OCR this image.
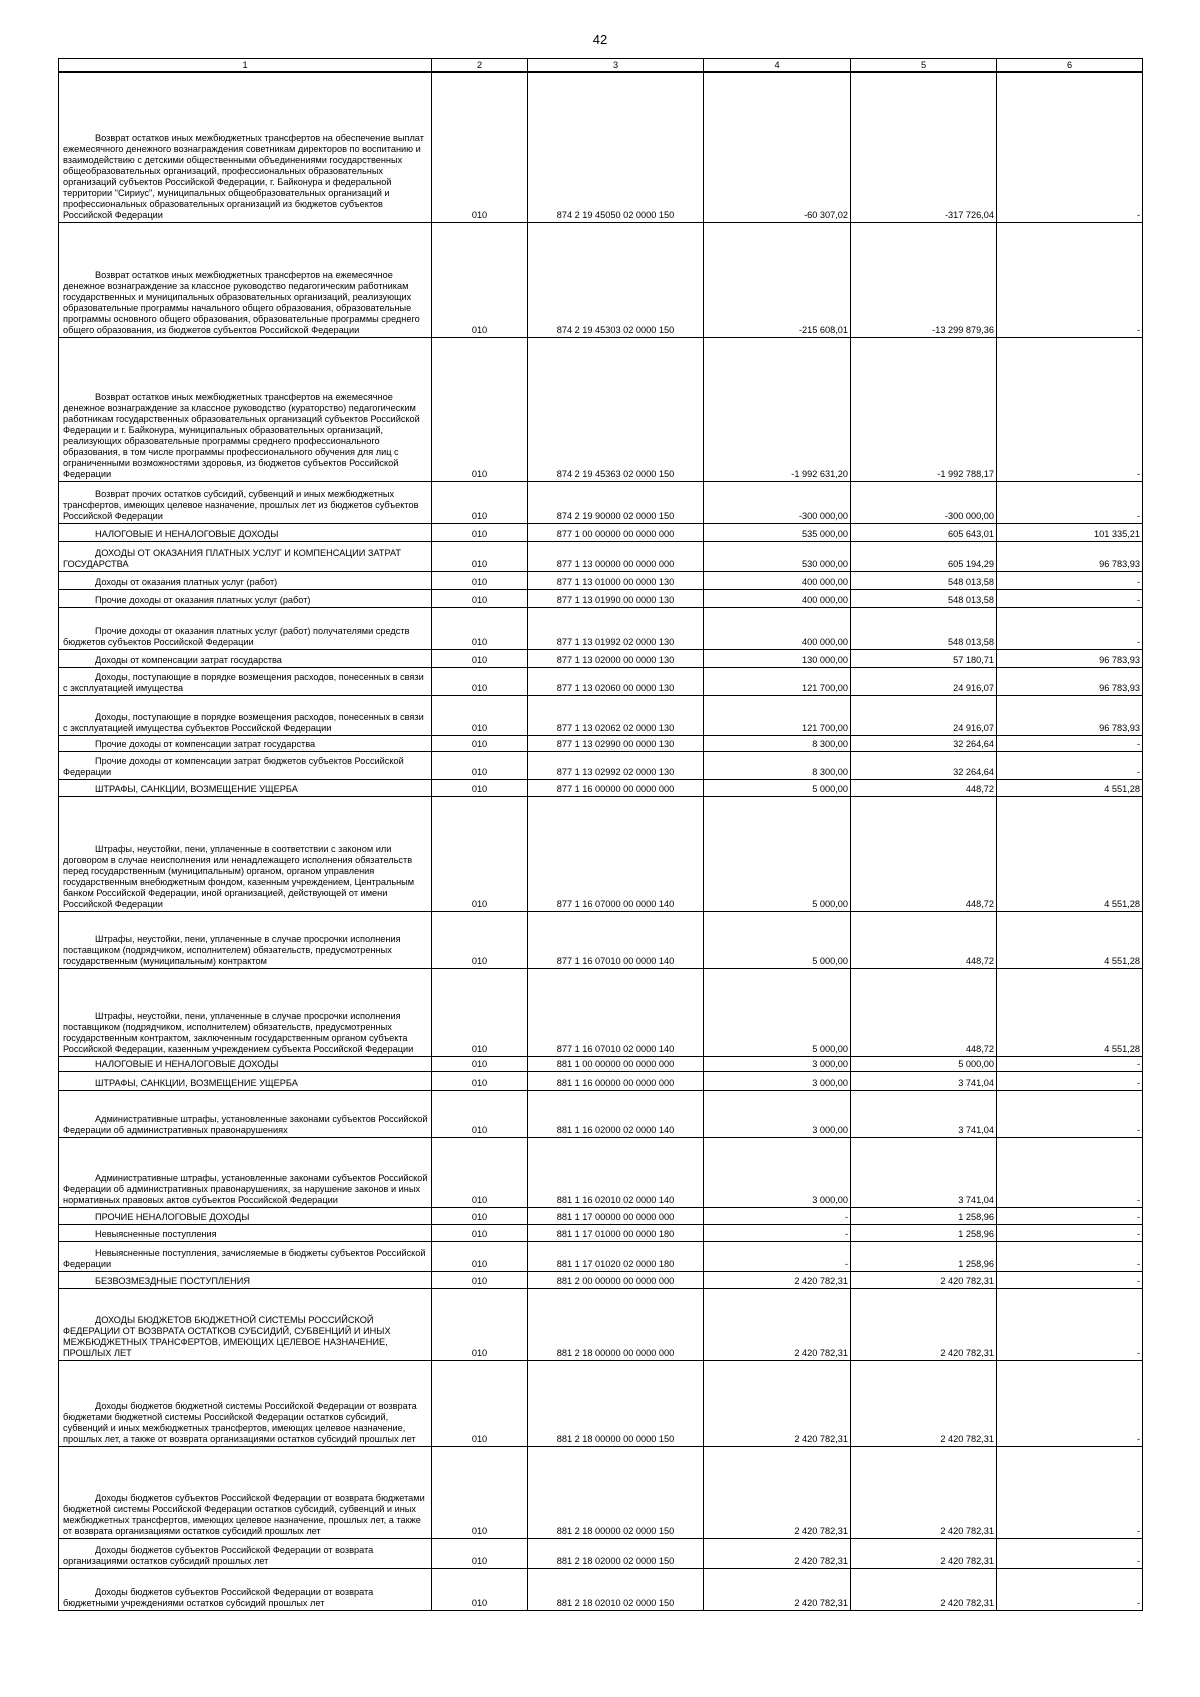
42
1	2	3	4	5	6
Возврат остатков иных межбюджетных трансфертов на обеспечение выплат ежемесячного денежного вознаграждения советникам директоров по воспитанию и взаимодействию с детскими общественными объединениями государственных общеобразовательных организаций, профессиональных образовательных организаций субъектов Российской Федерации, г. Байконура и федеральной территории "Сириус", муниципальных общеобразовательных организаций и профессиональных образовательных организаций из бюджетов субъектов Российской Федерации	010	874 2 19 45050 02 0000 150	-60 307,02	-317 726,04	-
Возврат остатков иных межбюджетных трансфертов на ежемесячное денежное вознаграждение за классное руководство педагогическим работникам государственных и муниципальных образовательных организаций, реализующих образовательные программы начального общего образования, образовательные программы основного общего образования, образовательные программы среднего общего образования, из бюджетов субъектов Российской Федерации	010	874 2 19 45303 02 0000 150	-215 608,01	-13 299 879,36	-
Возврат остатков иных межбюджетных трансфертов на ежемесячное денежное вознаграждение за классное руководство (кураторство) педагогическим работникам государственных образовательных организаций субъектов Российской Федерации и г. Байконура, муниципальных образовательных организаций, реализующих образовательные программы среднего профессионального образования, в том числе программы профессионального обучения для лиц с ограниченными возможностями здоровья, из бюджетов субъектов Российской Федерации	010	874 2 19 45363 02 0000 150	-1 992 631,20	-1 992 788,17	-
Возврат прочих остатков субсидий, субвенций и иных межбюджетных трансфертов, имеющих целевое назначение, прошлых лет из бюджетов субъектов Российской Федерации	010	874 2 19 90000 02 0000 150	-300 000,00	-300 000,00	-
НАЛОГОВЫЕ И НЕНАЛОГОВЫЕ ДОХОДЫ	010	877 1 00 00000 00 0000 000	535 000,00	605 643,01	101 335,21
ДОХОДЫ ОТ ОКАЗАНИЯ ПЛАТНЫХ УСЛУГ И КОМПЕНСАЦИИ ЗАТРАТ ГОСУДАРСТВА	010	877 1 13 00000 00 0000 000	530 000,00	605 194,29	96 783,93
Доходы от оказания платных услуг (работ)	010	877 1 13 01000 00 0000 130	400 000,00	548 013,58	-
Прочие доходы от оказания платных услуг (работ)	010	877 1 13 01990 00 0000 130	400 000,00	548 013,58	-
Прочие доходы от оказания платных услуг (работ) получателями средств бюджетов субъектов Российской Федерации	010	877 1 13 01992 02 0000 130	400 000,00	548 013,58	-
Доходы от компенсации затрат государства	010	877 1 13 02000 00 0000 130	130 000,00	57 180,71	96 783,93
Доходы, поступающие в порядке возмещения расходов, понесенных в связи с эксплуатацией имущества	010	877 1 13 02060 00 0000 130	121 700,00	24 916,07	96 783,93
Доходы, поступающие в порядке возмещения расходов, понесенных в связи с эксплуатацией имущества субъектов Российской Федерации	010	877 1 13 02062 02 0000 130	121 700,00	24 916,07	96 783,93
Прочие доходы от компенсации затрат государства	010	877 1 13 02990 00 0000 130	8 300,00	32 264,64	-
Прочие доходы от компенсации затрат бюджетов субъектов Российской Федерации	010	877 1 13 02992 02 0000 130	8 300,00	32 264,64	-
ШТРАФЫ, САНКЦИИ, ВОЗМЕЩЕНИЕ УЩЕРБА	010	877 1 16 00000 00 0000 000	5 000,00	448,72	4 551,28
Штрафы, неустойки, пени, уплаченные в соответствии с законом или договором в случае неисполнения или ненадлежащего исполнения обязательств перед государственным (муниципальным) органом, органом управления государственным внебюджетным фондом, казенным учреждением, Центральным банком Российской Федерации, иной организацией, действующей от имени Российской Федерации	010	877 1 16 07000 00 0000 140	5 000,00	448,72	4 551,28
Штрафы, неустойки, пени, уплаченные в случае просрочки исполнения поставщиком (подрядчиком, исполнителем) обязательств, предусмотренных государственным (муниципальным) контрактом	010	877 1 16 07010 00 0000 140	5 000,00	448,72	4 551,28
Штрафы, неустойки, пени, уплаченные в случае просрочки исполнения поставщиком (подрядчиком, исполнителем) обязательств, предусмотренных государственным контрактом, заключенным государственным органом субъекта Российской Федерации, казенным учреждением субъекта Российской Федерации	010	877 1 16 07010 02 0000 140	5 000,00	448,72	4 551,28
НАЛОГОВЫЕ И НЕНАЛОГОВЫЕ ДОХОДЫ	010	881 1 00 00000 00 0000 000	3 000,00	5 000,00	-
ШТРАФЫ, САНКЦИИ, ВОЗМЕЩЕНИЕ УЩЕРБА	010	881 1 16 00000 00 0000 000	3 000,00	3 741,04	-
Административные штрафы, установленные законами субъектов Российской Федерации об административных правонарушениях	010	881 1 16 02000 02 0000 140	3 000,00	3 741,04	-
Административные штрафы, установленные законами субъектов Российской Федерации об административных правонарушениях, за нарушение законов и иных нормативных правовых актов субъектов Российской Федерации	010	881 1 16 02010 02 0000 140	3 000,00	3 741,04	-
ПРОЧИЕ НЕНАЛОГОВЫЕ ДОХОДЫ	010	881 1 17 00000 00 0000 000	-	1 258,96	-
Невыясненные поступления	010	881 1 17 01000 00 0000 180	-	1 258,96	-
Невыясненные поступления, зачисляемые в бюджеты субъектов Российской Федерации	010	881 1 17 01020 02 0000 180	-	1 258,96	-
БЕЗВОЗМЕЗДНЫЕ ПОСТУПЛЕНИЯ	010	881 2 00 00000 00 0000 000	2 420 782,31	2 420 782,31	-
ДОХОДЫ БЮДЖЕТОВ БЮДЖЕТНОЙ СИСТЕМЫ РОССИЙСКОЙ ФЕДЕРАЦИИ ОТ ВОЗВРАТА ОСТАТКОВ СУБСИДИЙ, СУБВЕНЦИЙ И ИНЫХ МЕЖБЮДЖЕТНЫХ ТРАНСФЕРТОВ, ИМЕЮЩИХ ЦЕЛЕВОЕ НАЗНАЧЕНИЕ, ПРОШЛЫХ ЛЕТ	010	881 2 18 00000 00 0000 000	2 420 782,31	2 420 782,31	-
Доходы бюджетов бюджетной системы Российской Федерации от возврата бюджетами бюджетной системы Российской Федерации остатков субсидий, субвенций и иных межбюджетных трансфертов, имеющих целевое назначение, прошлых лет, а также от возврата организациями остатков субсидий прошлых лет	010	881 2 18 00000 00 0000 150	2 420 782,31	2 420 782,31	-
Доходы бюджетов субъектов Российской Федерации от возврата бюджетами бюджетной системы Российской Федерации остатков субсидий, субвенций и иных межбюджетных трансфертов, имеющих целевое назначение, прошлых лет, а также от возврата организациями остатков субсидий прошлых лет	010	881 2 18 00000 02 0000 150	2 420 782,31	2 420 782,31	-
Доходы бюджетов субъектов Российской Федерации от возврата организациями остатков субсидий прошлых лет	010	881 2 18 02000 02 0000 150	2 420 782,31	2 420 782,31	-
Доходы бюджетов субъектов Российской Федерации от возврата бюджетными учреждениями остатков субсидий прошлых лет	010	881 2 18 02010 02 0000 150	2 420 782,31	2 420 782,31	-
